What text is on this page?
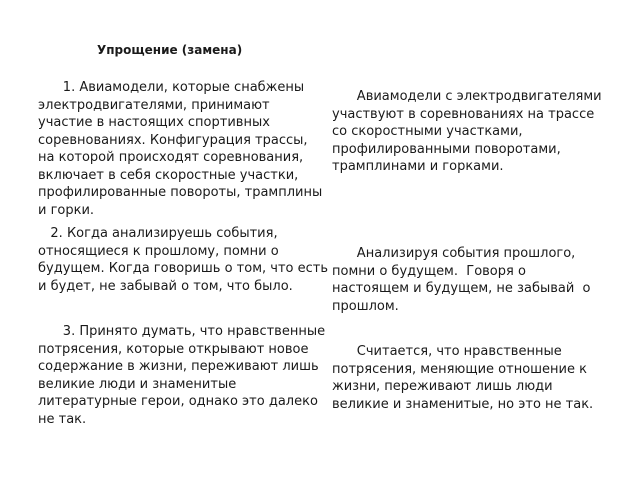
Упрощение (замена)

1. Авиамодели, которые снабжены электродвигателями, принимают участие в настоящих спортивных соревнованиях. Конфигурация трассы, на которой происходят соревнования, включает в себя скоростные участки, профилированные повороты, трамплины и горки.

2. Когда анализируешь события, относящиеся к прошлому, помни о будущем. Когда говоришь о том, что есть и будет, не забывай о том, что было.

3. Принято думать, что нравственные потрясения, которые открывают новое содержание в жизни, переживают лишь великие люди и знаменитые литературные герои, однако это далеко не так.

Авиамодели с электродвигателями участвуют в соревнованиях на трассе со скоростными участками, профилированными поворотами, трамплинами и горками.

Анализируя события прошлого, помни о будущем.  Говоря о настоящем и будущем, не забывай  о прошлом.

Считается, что нравственные потрясения, меняющие отношение к жизни, переживают лишь люди великие и знаменитые, но это не так.
